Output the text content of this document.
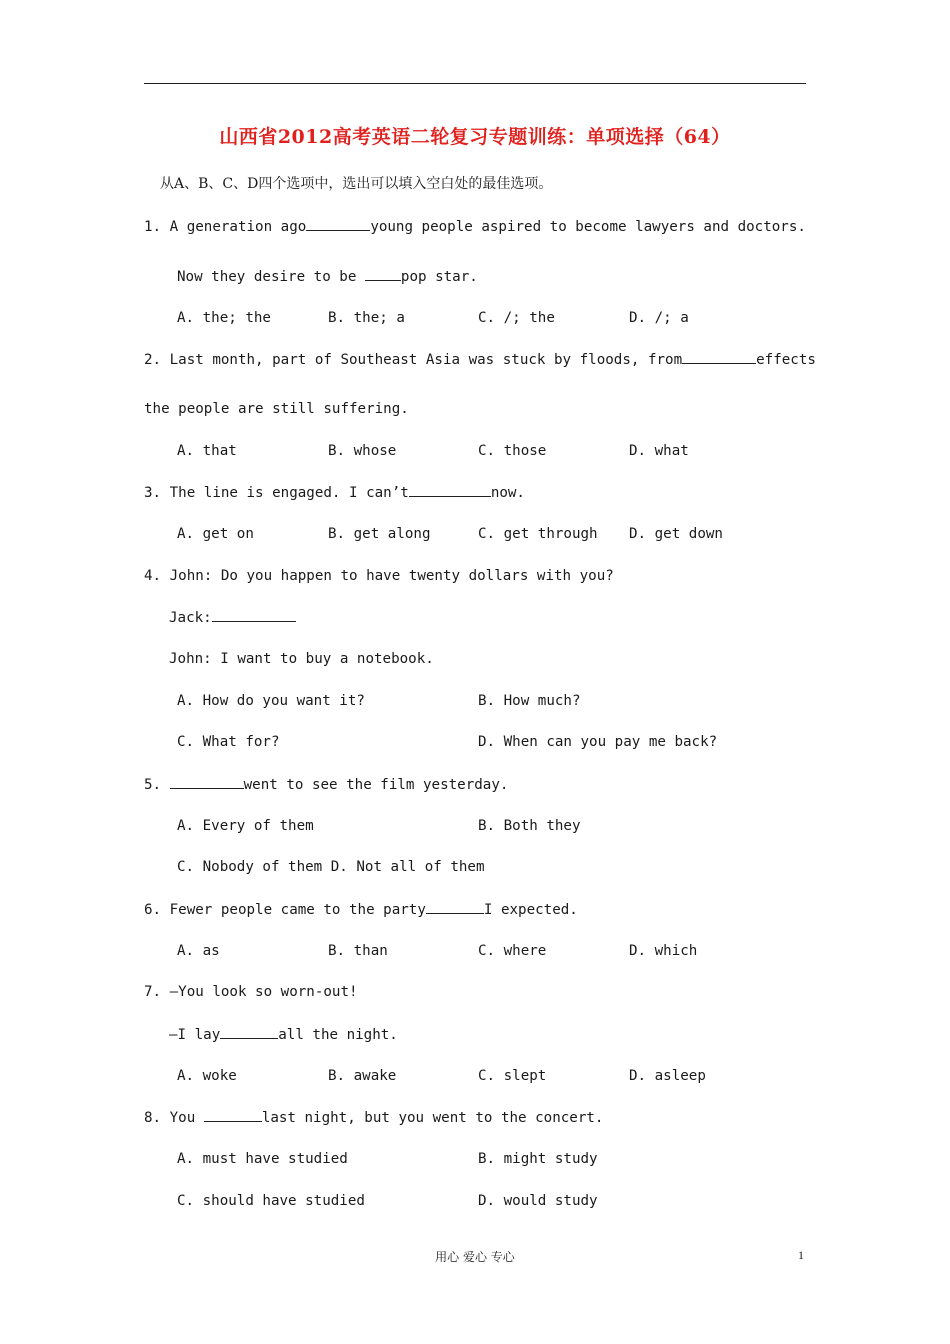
山西省2012高考英语二轮复习专题训练：单项选择（64）
从A、B、C、D四个选项中，选出可以填入空白处的最佳选项。
1. A generation ago	young people aspired to become lawyers and doctors.
Now they desire to be	pop star.
A. the; the	B. the; a	C. /; the	D. /; a
2. Last month, part of Southeast Asia was stuck by floods, from	effects
the people are still suffering.
A. that	B. whose	C. those	D. what
3. The line is engaged. I can’t	now.
A. get on	B. get along	C. get through D. get down
4. John: Do you happen to have twenty dollars with you?
Jack:
John: I want to buy a notebook.
A. How do you want it?	B. How much?
C. What for?	D. When can you pay me back?
5.	went to see the film yesterday.
A. Every of them	B. Both they
C. Nobody of them D. Not all of them
6. Fewer people came to the party	I expected.
A. as	B. than	C. where	D. which
7. —You look so worn-out!
—I lay	all the night.
A. woke	B. awake	C. slept	D. asleep
8. You	last night, but you went to the concert.
A. must have studied	B. might study
C. should have studied	D. would study
用心 爱心 专心	1
